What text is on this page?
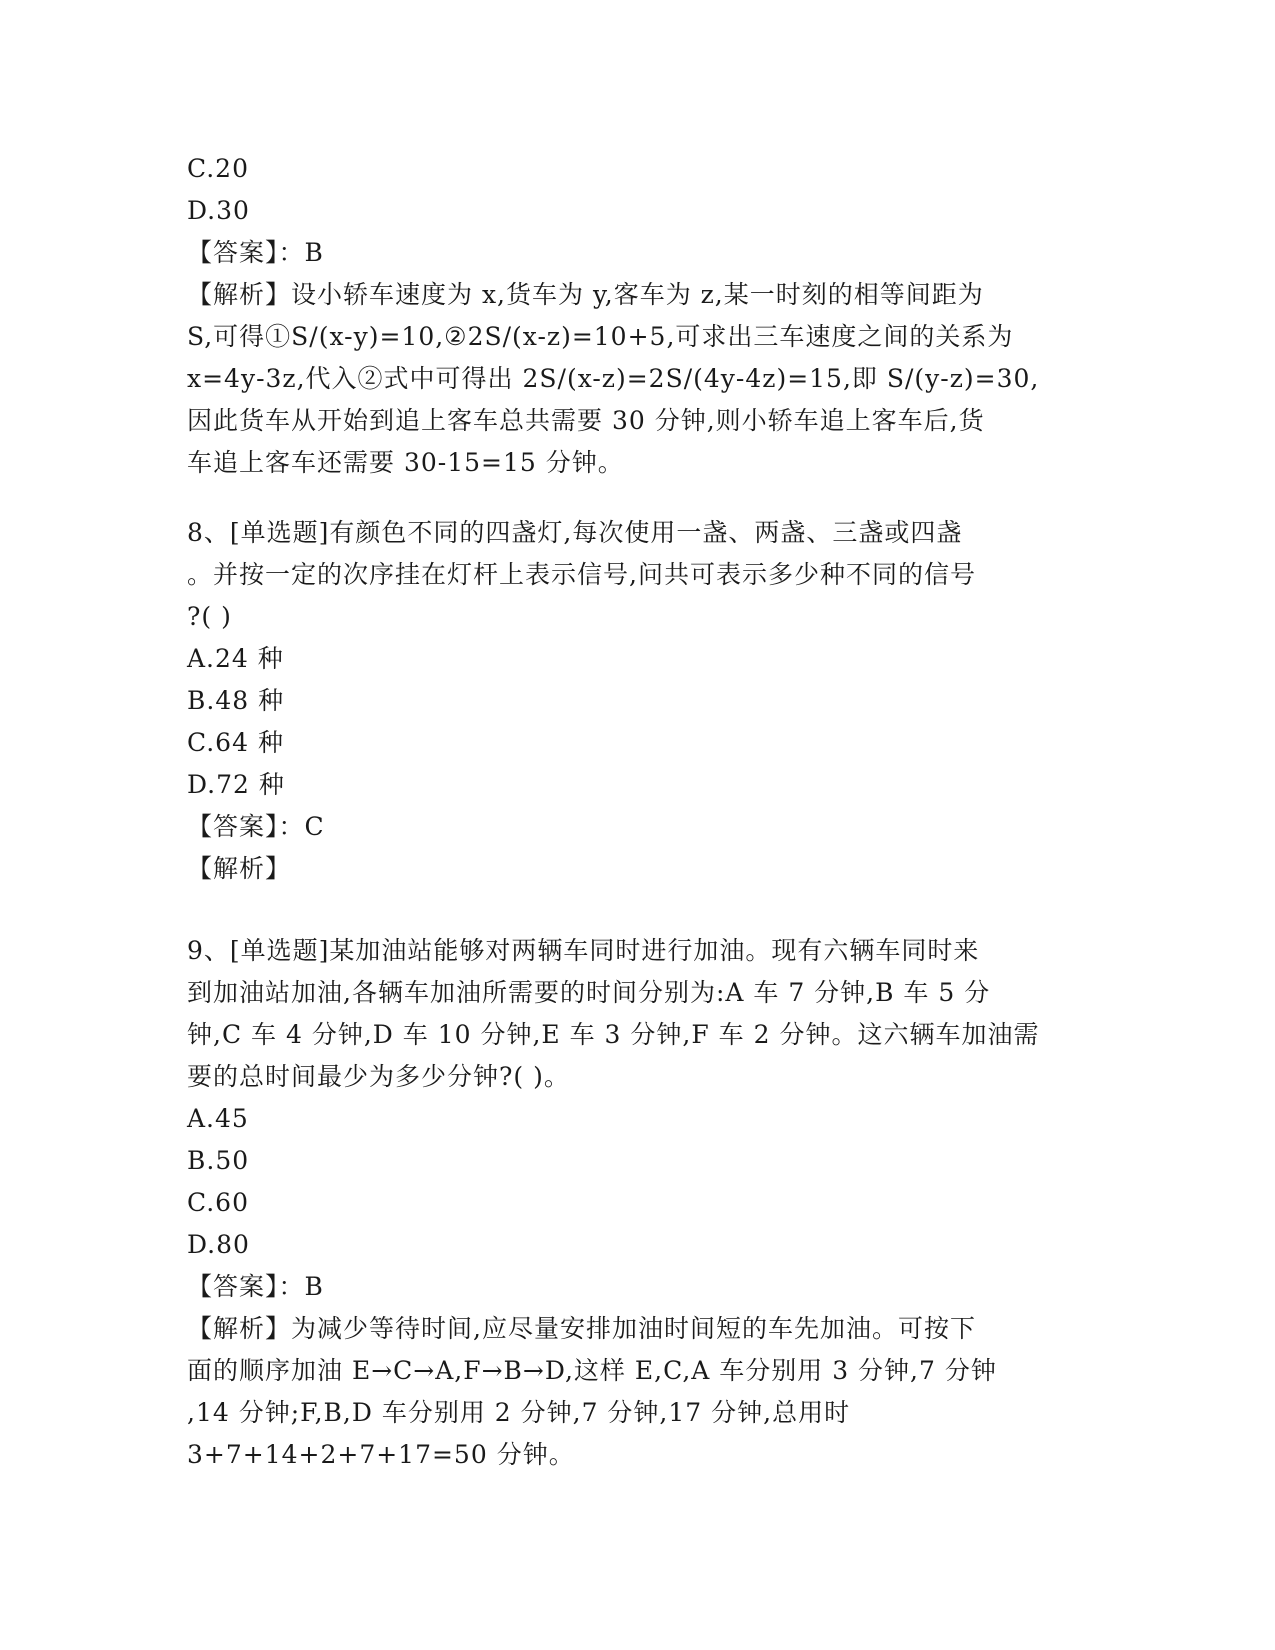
C.20
D.30
【答案】：B
【解析】设小轿车速度为 x,货车为 y,客车为 z,某一时刻的相等间距为
S,可得①S/(x-y)=10,②2S/(x-z)=10+5,可求出三车速度之间的关系为
x=4y-3z,代入②式中可得出 2S/(x-z)=2S/(4y-4z)=15,即 S/(y-z)=30,
因此货车从开始到追上客车总共需要 30 分钟,则小轿车追上客车后,货
车追上客车还需要 30-15=15 分钟。
8、[单选题]有颜色不同的四盏灯,每次使用一盏、两盏、三盏或四盏
。并按一定的次序挂在灯杆上表示信号,问共可表示多少种不同的信号
?( )
A.24 种
B.48 种
C.64 种
D.72 种
【答案】：C
【解析】
9、[单选题]某加油站能够对两辆车同时进行加油。现有六辆车同时来
到加油站加油,各辆车加油所需要的时间分别为:A 车 7 分钟,B 车 5 分
钟,C 车 4 分钟,D 车 10 分钟,E 车 3 分钟,F 车 2 分钟。这六辆车加油需
要的总时间最少为多少分钟?( )。
A.45
B.50
C.60
D.80
【答案】：B
【解析】为减少等待时间,应尽量安排加油时间短的车先加油。可按下
面的顺序加油 E→C→A,F→B→D,这样 E,C,A 车分别用 3 分钟,7 分钟
,14 分钟;F,B,D 车分别用 2 分钟,7 分钟,17 分钟,总用时
3+7+14+2+7+17=50 分钟。
